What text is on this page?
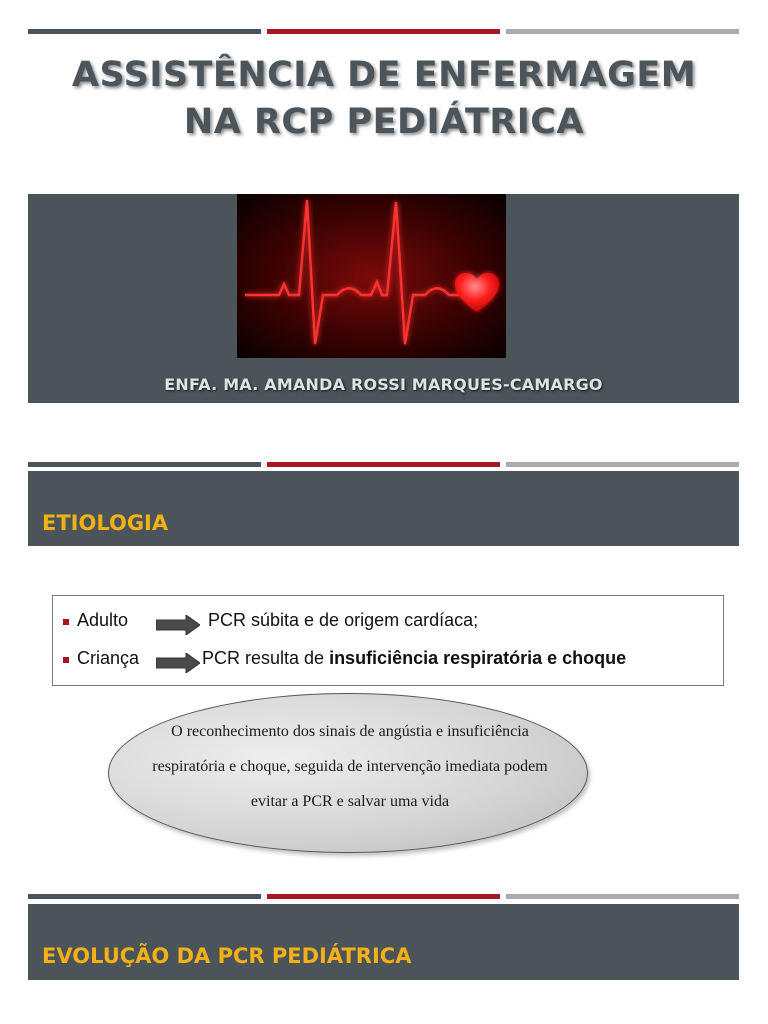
ASSISTÊNCIA DE ENFERMAGEM NA RCP PEDIÁTRICA
ENFA. MA. AMANDA ROSSI MARQUES-CAMARGO
ETIOLOGIA
Adulto	PCR súbita e de origem cardíaca;
Criança	PCR resulta de insuficiência respiratória e choque

O reconhecimento dos sinais de angústia e insuficiência respiratória e choque, seguida de intervenção imediata podem evitar a PCR e salvar uma vida

EVOLUÇÃO DA PCR PEDIÁTRICA
